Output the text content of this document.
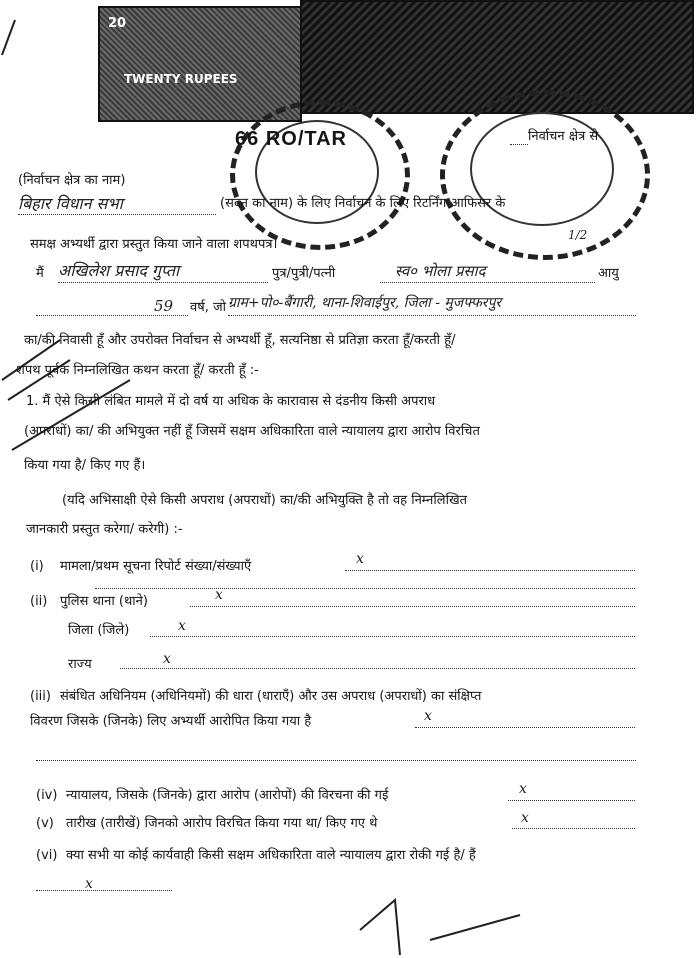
20
TWENTY RUPEES
66 RO/TAR	निर्वाचन क्षेत्र से
(निर्वाचन क्षेत्र का नाम)
बिहार विधान सभा	(सदन का नाम) के लिए निर्वाचन के लिए रिटर्निंग आफिसर के
1/2
समक्ष अभ्यर्थी द्वारा प्रस्तुत किया जाने वाला शपथपत्र।
मैं अखिलेश प्रसाद गुप्ता	पुत्र/पुत्री/पत्नी	स्व० भोला प्रसाद	आयु
59 वर्ष, जो ग्राम+पो०-बैंगारी, थाना-शिवाईपुर, जिला - मुजफ्फरपुर
का/की निवासी हूँ और उपरोक्त निर्वाचन से अभ्यर्थी हूँ, सत्यनिष्ठा से प्रतिज्ञा करता हूँ/करती हूँ/
शपथ पूर्वक निम्नलिखित कथन करता हूँ/ करती हूँ :-
1. मैं ऐसे किसी लंबित मामले में दो वर्ष या अधिक के कारावास से दंडनीय किसी अपराध
(अपराधों) का/ की अभियुक्त नहीं हूँ जिसमें सक्षम अधिकारिता वाले न्यायालय द्वारा आरोप विरचित
किया गया है/ किए गए हैं।
(यदि अभिसाक्षी ऐसे किसी अपराध (अपराधों) का/की अभियुक्ति है तो वह निम्नलिखित
जानकारी प्रस्तुत करेगा/ करेगी) :-
(i) मामला/प्रथम सूचना रिपोर्ट संख्या/संख्याएँ	x
(ii) पुलिस थाना (थाने)	x
जिला (जिले)	x
राज्य	x
(iii) संबंधित अधिनियम (अधिनियमों) की धारा (धाराएँ) और उस अपराध (अपराधों) का संक्षिप्त
विवरण जिसके (जिनके) लिए अभ्यर्थी आरोपित किया गया है	x
(iv) न्यायालय, जिसके (जिनके) द्वारा आरोप (आरोपों) की विरचना की गई	x
(v) तारीख (तारीखें) जिनको आरोप विरचित किया गया था/ किए गए थे	x
(vi) क्या सभी या कोई कार्यवाही किसी सक्षम अधिकारिता वाले न्यायालय द्वारा रोकी गई है/ हैं
x
